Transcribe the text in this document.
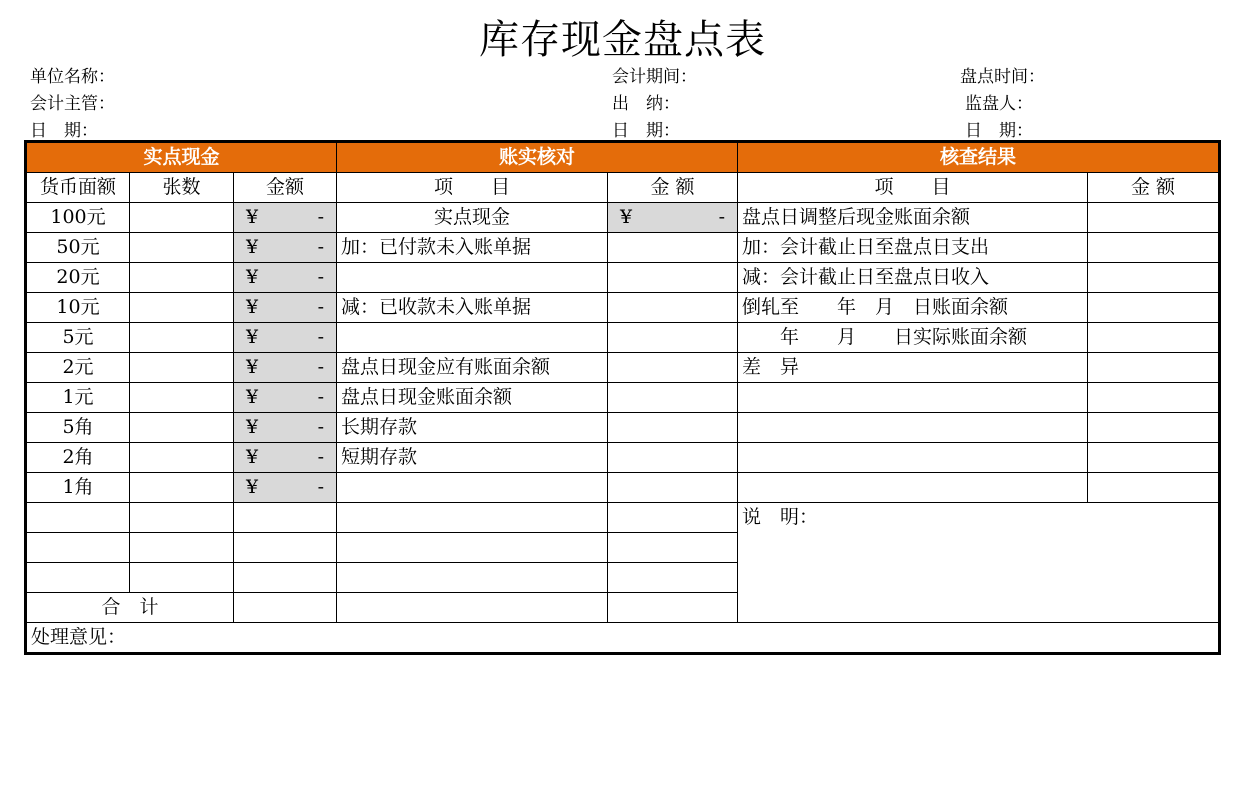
库存现金盘点表
单位名称：	会计期间：	盘点时间：
会计主管：	出　纳：	监盘人：
日　期：	日　期：	日　期：
实点现金			账实核对		核查结果	
货币面额	张数	金额	项　　目	金 额	项　　目	金 额
100元		¥ -	实点现金	¥ -	盘点日调整后现金账面余额	
50元		¥ -	加：已付款未入账单据		加：会计截止日至盘点日支出	
20元		¥ -			减：会计截止日至盘点日收入	
10元		¥ -	减：已收款未入账单据		倒轧至　　年　月　日账面余额	
5元		¥ -			　　年　　月　　日实际账面余额	
2元		¥ -	盘点日现金应有账面余额		差　异	
1元		¥ -	盘点日现金账面余额			
5角		¥ -	长期存款			
2角		¥ -	短期存款			
1角		¥ -				

					说　明：	

合　计						
处理意见：						
